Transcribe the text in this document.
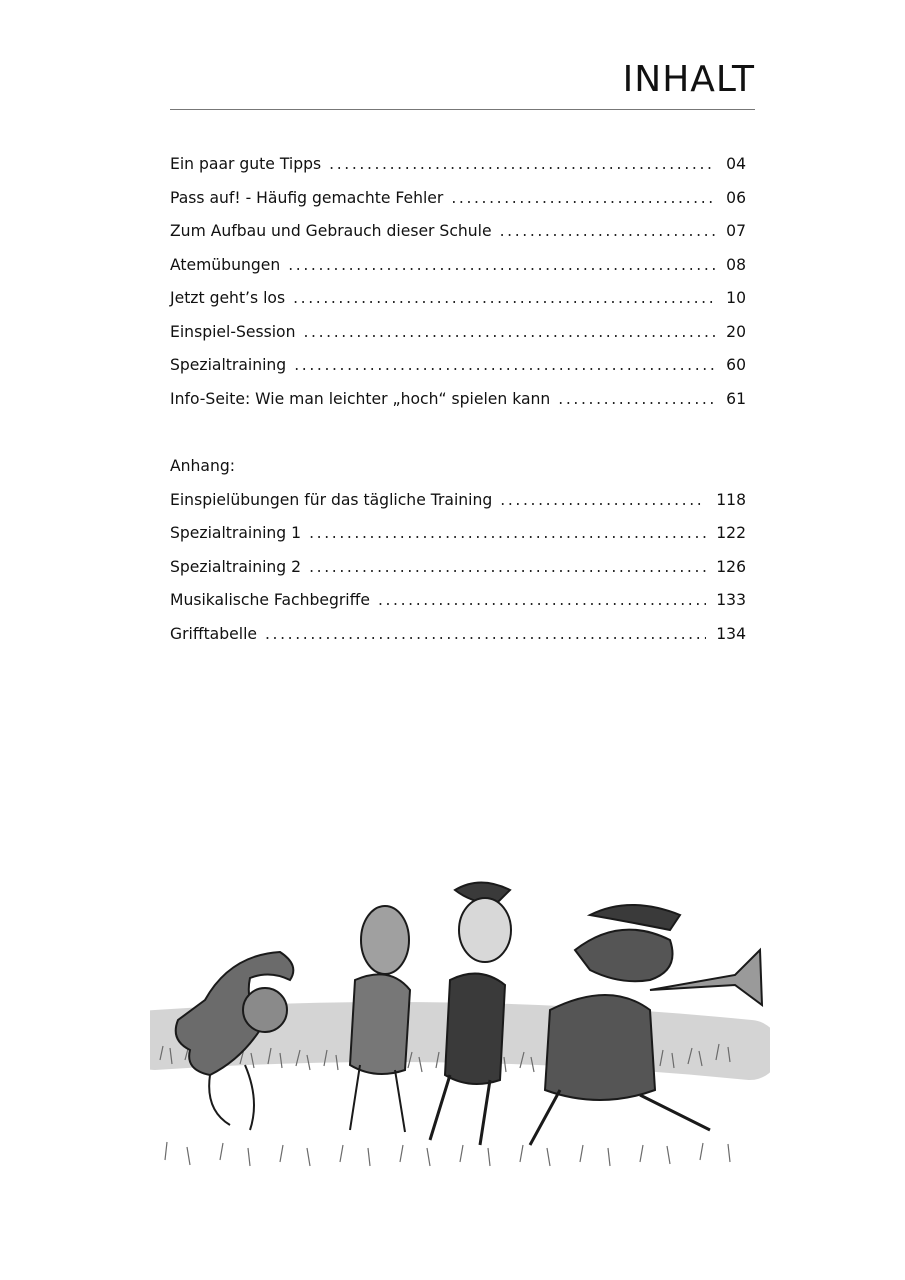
INHALT
Ein paar gute Tipps .....	04
Pass auf! - Häufig gemachte Fehler .....	06
Zum Aufbau und Gebrauch dieser Schule .....	07
Atemübungen .....	08
Jetzt geht’s los .....	10
Einspiel-Session .....	20
Spezialtraining .....	60
Info-Seite: Wie man leichter „hoch“ spielen kann .....	61
Anhang:
Einspielübungen für das tägliche Training .....	118
Spezialtraining 1 .....	122
Spezialtraining 2 .....	126
Musikalische Fachbegriffe .....	133
Grifftabelle .....	134
